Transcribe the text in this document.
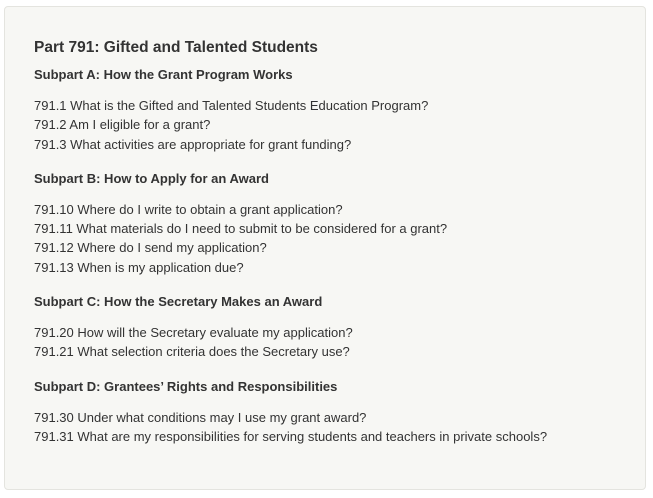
Part 791: Gifted and Talented Students
Subpart A: How the Grant Program Works
791.1 What is the Gifted and Talented Students Education Program?
791.2 Am I eligible for a grant?
791.3 What activities are appropriate for grant funding?
Subpart B: How to Apply for an Award
791.10 Where do I write to obtain a grant application?
791.11 What materials do I need to submit to be considered for a grant?
791.12 Where do I send my application?
791.13 When is my application due?
Subpart C: How the Secretary Makes an Award
791.20 How will the Secretary evaluate my application?
791.21 What selection criteria does the Secretary use?
Subpart D: Grantees’ Rights and Responsibilities
791.30 Under what conditions may I use my grant award?
791.31 What are my responsibilities for serving students and teachers in private schools?
